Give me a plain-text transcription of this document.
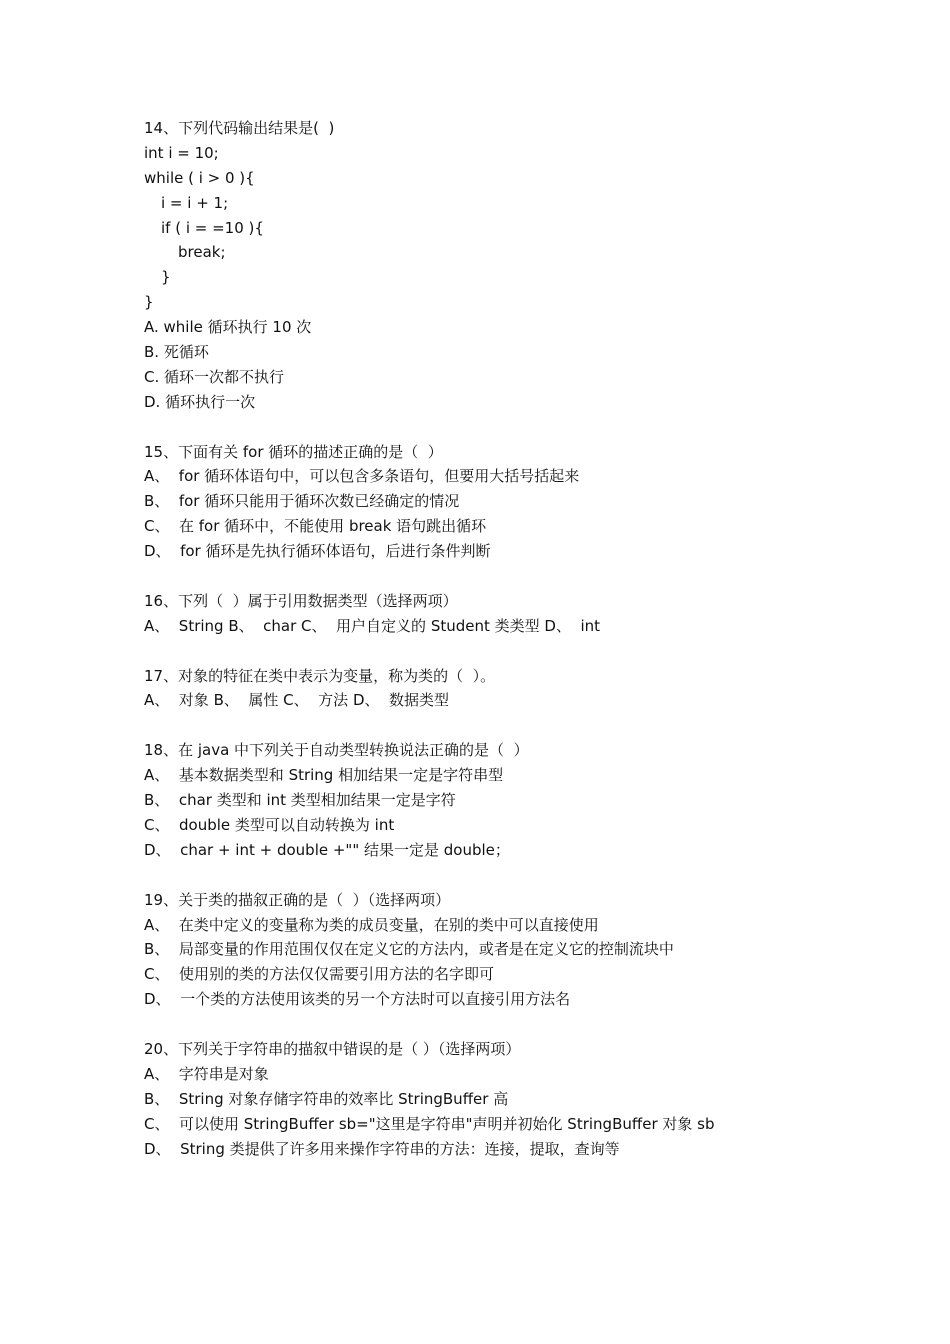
14、下列代码输出结果是(  )
int i = 10;
while ( i > 0 ){
i = i + 1;
if ( i = =10 ){
break;
}
}
A. while 循环执行 10 次
B. 死循环
C. 循环一次都不执行
D. 循环执行一次
15、下面有关 for 循环的描述正确的是（  ）
A、  for 循环体语句中，可以包含多条语句，但要用大括号括起来
B、  for 循环只能用于循环次数已经确定的情况
C、  在 for 循环中，不能使用 break 语句跳出循环
D、  for 循环是先执行循环体语句，后进行条件判断
16、下列（  ）属于引用数据类型（选择两项）
A、  String B、  char C、  用户自定义的 Student 类类型 D、  int
17、对象的特征在类中表示为变量，称为类的（  ）。
A、  对象 B、  属性 C、  方法 D、  数据类型
18、在 java 中下列关于自动类型转换说法正确的是（  ）
A、  基本数据类型和 String 相加结果一定是字符串型
B、  char 类型和 int 类型相加结果一定是字符
C、  double 类型可以自动转换为 int
D、  char + int + double +"" 结果一定是 double；
19、关于类的描叙正确的是（  ）（选择两项）
A、  在类中定义的变量称为类的成员变量，在别的类中可以直接使用
B、  局部变量的作用范围仅仅在定义它的方法内，或者是在定义它的控制流块中
C、  使用别的类的方法仅仅需要引用方法的名字即可
D、  一个类的方法使用该类的另一个方法时可以直接引用方法名
20、下列关于字符串的描叙中错误的是（ ）（选择两项）
A、  字符串是对象
B、  String 对象存储字符串的效率比 StringBuffer 高
C、  可以使用 StringBuffer sb="这里是字符串"声明并初始化 StringBuffer 对象 sb
D、  String 类提供了许多用来操作字符串的方法：连接，提取，查询等
